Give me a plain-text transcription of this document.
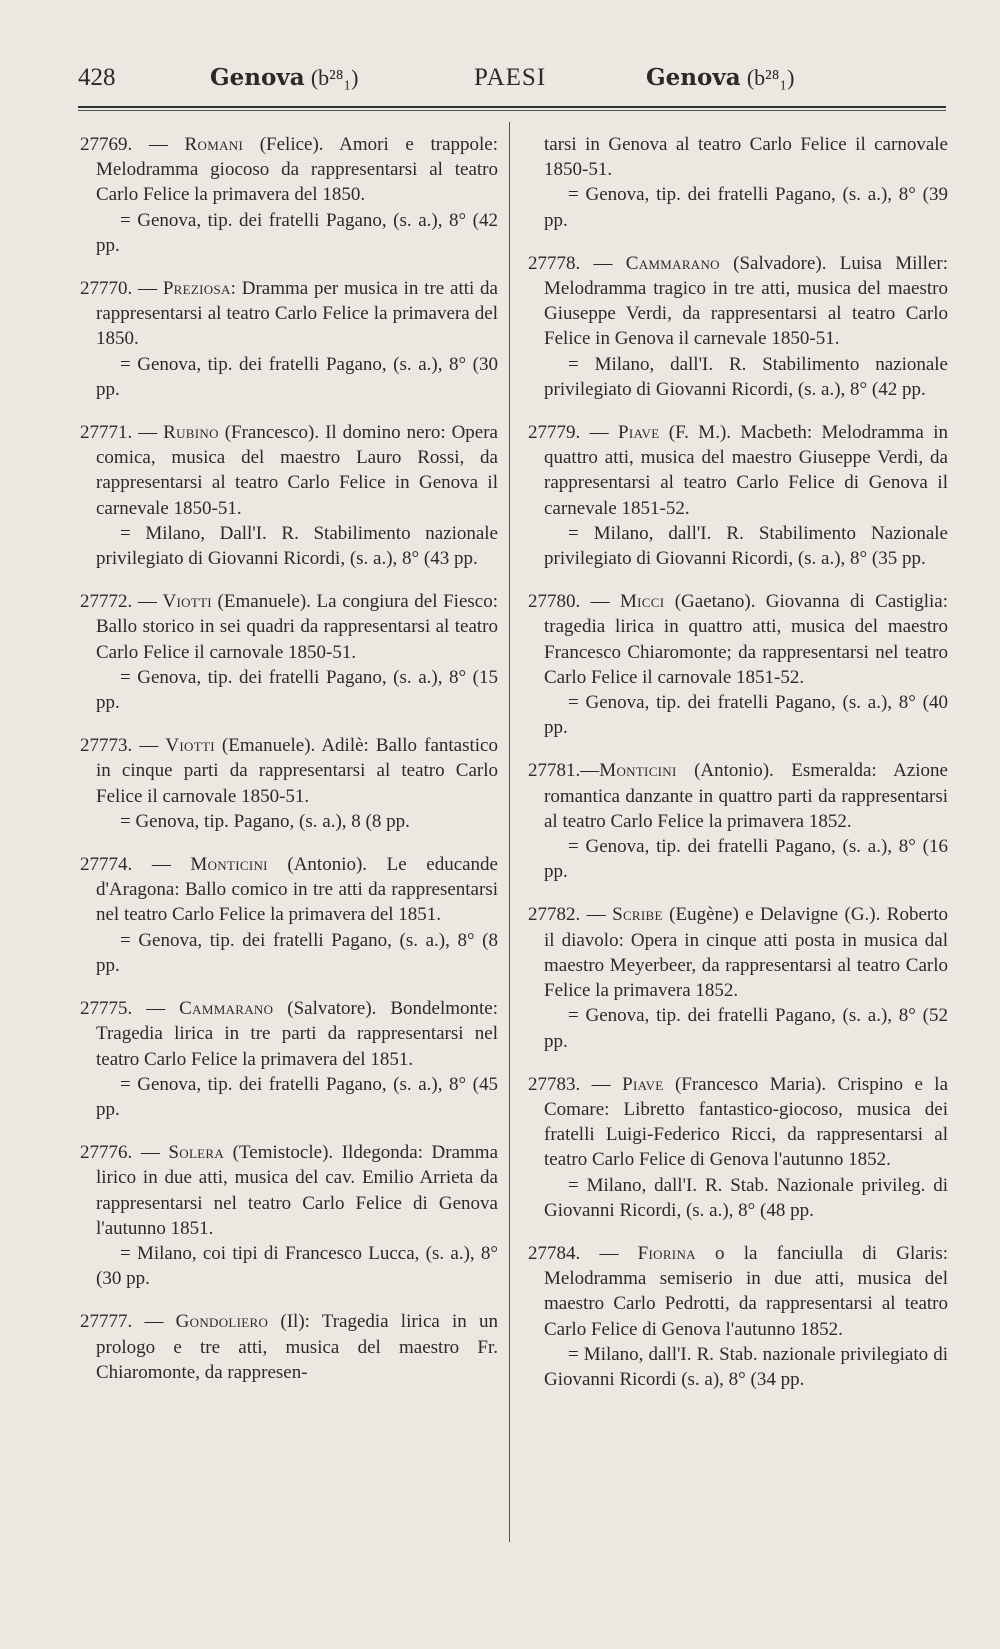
428	Genova (b²⁸₁)	PAESI	Genova (b²⁸₁)
27769. — Romani (Felice). Amori e trappole: Melodramma giocoso da rappresentarsi al teatro Carlo Felice la primavera del 1850.
= Genova, tip. dei fratelli Pagano, (s. a.), 8° (42 pp.
27770. — Preziosa: Dramma per musica in tre atti da rappresentarsi al teatro Carlo Felice la primavera del 1850.
= Genova, tip. dei fratelli Pagano, (s. a.), 8° (30 pp.
27771. — Rubino (Francesco). Il domino nero: Opera comica, musica del maestro Lauro Rossi, da rappresentarsi al teatro Carlo Felice in Genova il carnevale 1850-51.
= Milano, Dall'I. R. Stabilimento nazionale privilegiato di Giovanni Ricordi, (s. a.), 8° (43 pp.
27772. — Viotti (Emanuele). La congiura del Fiesco: Ballo storico in sei quadri da rappresentarsi al teatro Carlo Felice il carnovale 1850-51.
= Genova, tip. dei fratelli Pagano, (s. a.), 8° (15 pp.
27773. — Viotti (Emanuele). Adilè: Ballo fantastico in cinque parti da rappresentarsi al teatro Carlo Felice il carnovale 1850-51.
= Genova, tip. Pagano, (s. a.), 8 (8 pp.
27774. — Monticini (Antonio). Le educande d'Aragona: Ballo comico in tre atti da rappresentarsi nel teatro Carlo Felice la primavera del 1851.
= Genova, tip. dei fratelli Pagano, (s. a.), 8° (8 pp.
27775. — Cammarano (Salvatore). Bondelmonte: Tragedia lirica in tre parti da rappresentarsi nel teatro Carlo Felice la primavera del 1851.
= Genova, tip. dei fratelli Pagano, (s. a.), 8° (45 pp.
27776. — Solera (Temistocle). Ildegonda: Dramma lirico in due atti, musica del cav. Emilio Arrieta da rappresentarsi nel teatro Carlo Felice di Genova l'autunno 1851.
= Milano, coi tipi di Francesco Lucca, (s. a.), 8° (30 pp.
27777. — Gondoliero (Il): Tragedia lirica in un prologo e tre atti, musica del maestro Fr. Chiaromonte, da rappresen-
tarsi in Genova al teatro Carlo Felice il carnovale 1850-51.
= Genova, tip. dei fratelli Pagano, (s. a.), 8° (39 pp.
27778. — Cammarano (Salvadore). Luisa Miller: Melodramma tragico in tre atti, musica del maestro Giuseppe Verdi, da rappresentarsi al teatro Carlo Felice in Genova il carnevale 1850-51.
= Milano, dall'I. R. Stabilimento nazionale privilegiato di Giovanni Ricordi, (s. a.), 8° (42 pp.
27779. — Piave (F. M.). Macbeth: Melodramma in quattro atti, musica del maestro Giuseppe Verdi, da rappresentarsi al teatro Carlo Felice di Genova il carnevale 1851-52.
= Milano, dall'I. R. Stabilimento Nazionale privilegiato di Giovanni Ricordi, (s. a.), 8° (35 pp.
27780. — Micci (Gaetano). Giovanna di Castiglia: tragedia lirica in quattro atti, musica del maestro Francesco Chiaromonte; da rappresentarsi nel teatro Carlo Felice il carnovale 1851-52.
= Genova, tip. dei fratelli Pagano, (s. a.), 8° (40 pp.
27781.—Monticini (Antonio). Esmeralda: Azione romantica danzante in quattro parti da rappresentarsi al teatro Carlo Felice la primavera 1852.
= Genova, tip. dei fratelli Pagano, (s. a.), 8° (16 pp.
27782. — Scribe (Eugène) e Delavigne (G.). Roberto il diavolo: Opera in cinque atti posta in musica dal maestro Meyerbeer, da rappresentarsi al teatro Carlo Felice la primavera 1852.
= Genova, tip. dei fratelli Pagano, (s. a.), 8° (52 pp.
27783. — Piave (Francesco Maria). Crispino e la Comare: Libretto fantastico-giocoso, musica dei fratelli Luigi-Federico Ricci, da rappresentarsi al teatro Carlo Felice di Genova l'autunno 1852.
= Milano, dall'I. R. Stab. Nazionale privileg. di Giovanni Ricordi, (s. a.), 8° (48 pp.
27784. — Fiorina o la fanciulla di Glaris: Melodramma semiserio in due atti, musica del maestro Carlo Pedrotti, da rappresentarsi al teatro Carlo Felice di Genova l'autunno 1852.
= Milano, dall'I. R. Stab. nazionale privilegiato di Giovanni Ricordi (s. a), 8° (34 pp.
